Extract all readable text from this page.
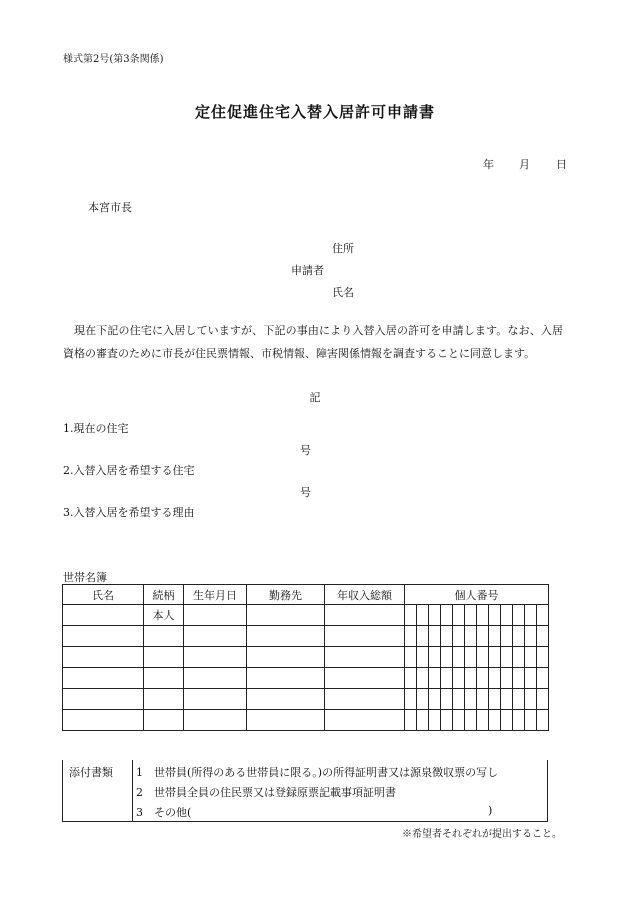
様式第2号(第3条関係)
定住促進住宅入替入居許可申請書
年 月 日
本宮市長
住所
申請者
氏名

現在下記の住宅に入居していますが、下記の事由により入替入居の許可を申請します。なお、入居資格の審査のために市長が住民票情報、市税情報、障害関係情報を調査することに同意します。

記
1.現在の住宅
号
2.入替入居を希望する住宅
号
3.入替入居を希望する理由
世帯名簿
氏名	続柄	生年月日	勤務先	年収入総額	個人番号											
	本人															

添付書類 1 世帯員(所得のある世帯員に限る。)の所得証明書又は源泉徴収票の写し
2 世帯員全員の住民票又は登録原票記載事項証明書
3 その他(	)
※希望者それぞれが提出すること。
